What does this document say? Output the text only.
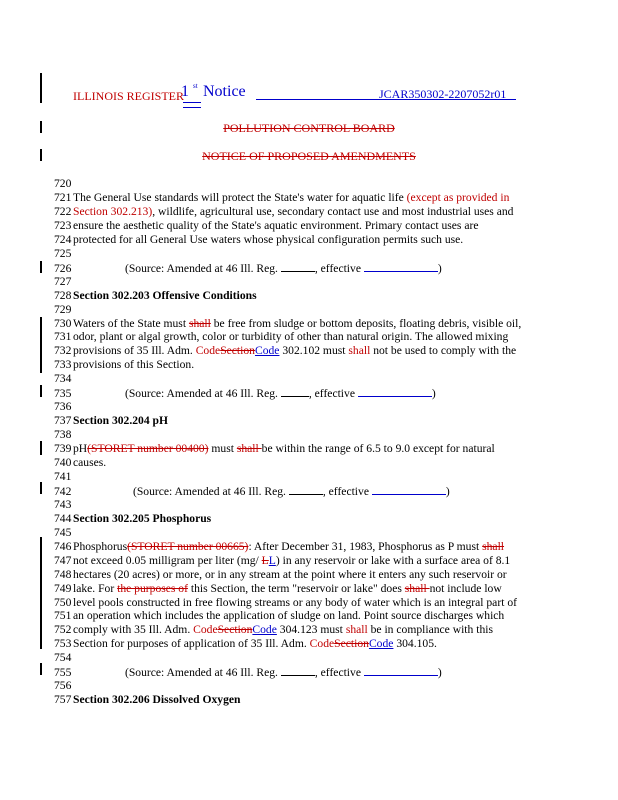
ILLINOIS REGISTER
1 st Notice	JCAR350302-2207052r01
POLLUTION CONTROL BOARD
NOTICE OF PROPOSED AMENDMENTS
720
721 The General Use standards will protect the State's water for aquatic life (except as provided in
722 Section 302.213), wildlife, agricultural use, secondary contact use and most industrial uses and
723 ensure the aesthetic quality of the State's aquatic environment. Primary contact uses are
724 protected for all General Use waters whose physical configuration permits such use.
725
726	(Source: Amended at 46 Ill. Reg.	, effective	)
727
728 Section 302.203 Offensive Conditions
729
730 Waters of the State must shall be free from sludge or bottom deposits, floating debris, visible oil,
731 odor, plant or algal growth, color or turbidity of other than natural origin. The allowed mixing
732 provisions of 35 Ill. Adm. CodeSectionCode 302.102 must shall not be used to comply with the
733 provisions of this Section.
734
735	(Source: Amended at 46 Ill. Reg. , effective	)
736
737 Section 302.204 pH
738
739 pH(STORET number 00400) must shall be within the range of 6.5 to 9.0 except for natural
740 causes.
741
742	(Source: Amended at 46 Ill. Reg.	, effective	)
743
744 Section 302.205 Phosphorus
745
746 Phosphorus(STORET number 00665): After December 31, 1983, Phosphorus as P must shall
747 not exceed 0.05 milligram per liter (mg/ LL) in any reservoir or lake with a surface area of 8.1
748 hectares (20 acres) or more, or in any stream at the point where it enters any such reservoir or
749 lake. For the purposes of this Section, the term "reservoir or lake" does shall not include low
750 level pools constructed in free flowing streams or any body of water which is an integral part of
751 an operation which includes the application of sludge on land. Point source discharges which
752 comply with 35 Ill. Adm. CodeSectionCode 304.123 must shall be in compliance with this
753 Section for purposes of application of 35 Ill. Adm. CodeSectionCode 304.105.
754
755	(Source: Amended at 46 Ill. Reg.	, effective	)
756
757 Section 302.206 Dissolved Oxygen
